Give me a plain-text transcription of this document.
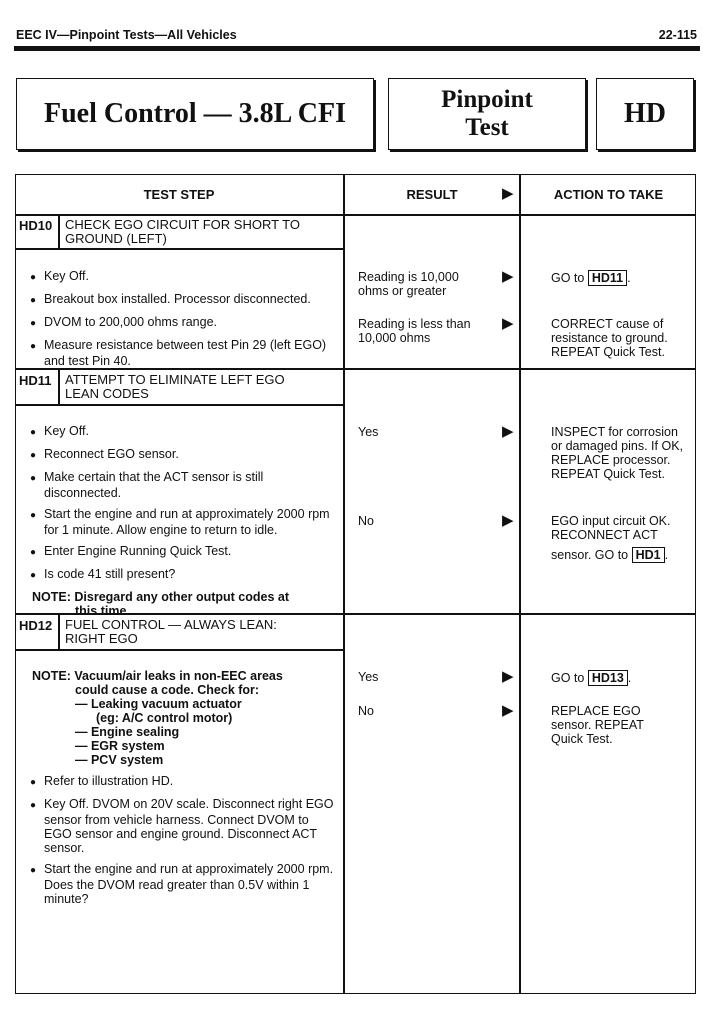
EEC IV—Pinpoint Tests—All Vehicles	22-115
Fuel Control — 3.8L CFI	Pinpoint
Test	HD
TEST STEP	RESULT	▶	ACTION TO TAKE
HD10 CHECK EGO CIRCUIT FOR SHORT TO
GROUND (LEFT)
● Key Off.
● Breakout box installed. Processor disconnected.
● DVOM to 200,000 ohms range.
● Measure resistance between test Pin 29 (left EGO) and test Pin 40.
Reading is 10,000 ohms or greater
▶	GO to HD11 .
Reading is less than 10,000 ohms
▶	CORRECT cause of resistance to ground. REPEAT Quick Test.
HD11 ATTEMPT TO ELIMINATE LEFT EGO
LEAN CODES
● Key Off.
● Reconnect EGO sensor.
● Make certain that the ACT sensor is still disconnected.
● Start the engine and run at approximately 2000 rpm for 1 minute. Allow engine to return to idle.
● Enter Engine Running Quick Test.
● Is code 41 still present?
NOTE: Disregard any other output codes at
this time.
Yes	▶	INSPECT for corrosion or damaged pins. If OK, REPLACE processor. REPEAT Quick Test.
No	▶	EGO input circuit OK. RECONNECT ACT
sensor. GO to HD1 .
HD12 FUEL CONTROL — ALWAYS LEAN:
RIGHT EGO
NOTE: Vacuum/air leaks in non-EEC areas
could cause a code. Check for:
— Leaking vacuum actuator
(eg: A/C control motor)
— Engine sealing
— EGR system
— PCV system
● Refer to illustration HD.
● Key Off. DVOM on 20V scale. Disconnect right EGO sensor from vehicle harness. Connect DVOM to EGO sensor and engine ground. Disconnect ACT sensor.
● Start the engine and run at approximately 2000 rpm. Does the DVOM read greater than 0.5V within 1 minute?
Yes	▶	GO to HD13 .
No	▶	REPLACE EGO sensor. REPEAT Quick Test.
